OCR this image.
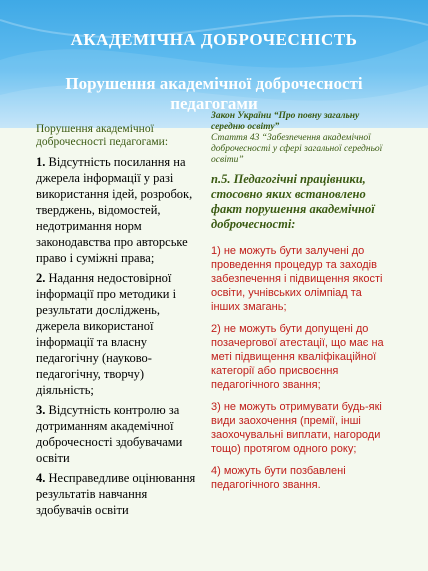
АКАДЕМІЧНА ДОБРОЧЕСНІСТЬ
Порушення академічної доброчесності педагогами
Порушення академічної доброчесності педагогами:
1. Відсутність посилання на джерела інформації у разі використання ідей, розробок, тверджень, відомостей, недотримання норм законодавства про авторське право і суміжні права;
2. Надання недостовірної інформації про методики і результати досліджень, джерела використаної інформації та власну педагогічну (науково-педагогічну, творчу) діяльність;
3. Відсутність контролю за дотриманням академічної доброчесності здобувачами освіти
4. Несправедливе оцінювання результатів навчання здобувачів освіти
Закон України “Про повну загальну середню освіту”
Стаття 43 “Забезпечення академічної доброчесності у сфері загальної середньої освіти”
п.5. Педагогічні працівники, стосовно яких встановлено факт порушення академічної доброчесності:
1) не можуть бути залучені до проведення процедур та заходів забезпечення і підвищення якості освіти, учнівських олімпіад та інших змагань;
2) не можуть бути допущені до позачергової атестації, що має на меті підвищення кваліфікаційної категорії або присвоєння педагогічного звання;
3) не можуть отримувати будь-які види заохочення (премії, інші заохочувальні виплати, нагороди тощо) протягом одного року;
4) можуть бути позбавлені педагогічного звання.
